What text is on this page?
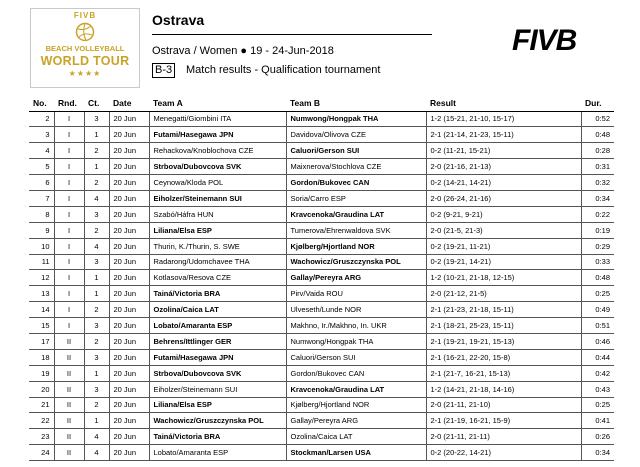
FIVB
BEACH VOLLEYBALL
WORLD TOUR
★★★★
Ostrava
Ostrava / Women ● 19 - 24-Jun-2018
B-3 Match results - Qualification tournament
FIVB
No.	Rnd.	Ct.	Date	Team A	Team B	Result	Dur.
2	I	3	20 Jun	Menegatti/Giombini ITA	Numwong/Hongpak THA	1-2 (15-21, 21-10, 15-17)	0:52
3	I	1	20 Jun	Futami/Hasegawa JPN	Davidova/Olivova CZE	2-1 (21-14, 21-23, 15-11)	0:48
4	I	2	20 Jun	Rehackova/Knoblochova CZE	Caluori/Gerson SUI	0-2 (11-21, 15-21)	0:28
5	I	1	20 Jun	Strbova/Dubovcova SVK	Maixnerova/Stochlova CZE	2-0 (21-16, 21-13)	0:31
6	I	2	20 Jun	Ceynowa/Kloda POL	Gordon/Bukovec CAN	0-2 (14-21, 14-21)	0:32
7	I	4	20 Jun	Eiholzer/Steinemann SUI	Soria/Carro ESP	2-0 (26-24, 21-16)	0:34
8	I	3	20 Jun	Szabó/Háfra HUN	Kravcenoka/Graudina LAT	0-2 (9-21, 9-21)	0:22
9	I	2	20 Jun	Liliana/Elsa ESP	Tumerova/Ehrenwaldova SVK	2-0 (21-5, 21-3)	0:19
10	I	4	20 Jun	Thurin, K./Thurin, S. SWE	Kjølberg/Hjortland NOR	0-2 (19-21, 11-21)	0:29
11	I	3	20 Jun	Radarong/Udomchavee THA	Wachowicz/Gruszczynska POL	0-2 (19-21, 14-21)	0:33
12	I	1	20 Jun	Kotlasova/Resova CZE	Gallay/Pereyra ARG	1-2 (10-21, 21-18, 12-15)	0:48
13	I	1	20 Jun	Tainá/Victoria BRA	Pirv/Vaida ROU	2-0 (21-12, 21-5)	0:25
14	I	2	20 Jun	Ozolina/Caica LAT	Ulveseth/Lunde NOR	2-1 (21-23, 21-18, 15-11)	0:49
15	I	3	20 Jun	Lobato/Amaranta ESP	Makhno, Ir./Makhno, In. UKR	2-1 (18-21, 25-23, 15-11)	0:51
17	II	2	20 Jun	Behrens/Ittlinger GER	Numwong/Hongpak THA	2-1 (19-21, 19-21, 15-13)	0:46
18	II	3	20 Jun	Futami/Hasegawa JPN	Caluori/Gerson SUI	2-1 (16-21, 22-20, 15-8)	0:44
19	II	1	20 Jun	Strbova/Dubovcova SVK	Gordon/Bukovec CAN	2-1 (21-7, 16-21, 15-13)	0:42
20	II	3	20 Jun	Eiholzer/Steinemann SUI	Kravcenoka/Graudina LAT	1-2 (14-21, 21-18, 14-16)	0:43
21	II	2	20 Jun	Liliana/Elsa ESP	Kjølberg/Hjortland NOR	2-0 (21-11, 21-10)	0:25
22	II	1	20 Jun	Wachowicz/Gruszczynska POL	Gallay/Pereyra ARG	2-1 (21-19, 16-21, 15-9)	0:41
23	II	4	20 Jun	Tainá/Victoria BRA	Ozolina/Caica LAT	2-0 (21-11, 21-11)	0:26
24	II	4	20 Jun	Lobato/Amaranta ESP	Stockman/Larsen USA	0-2 (20-22, 14-21)	0:34
